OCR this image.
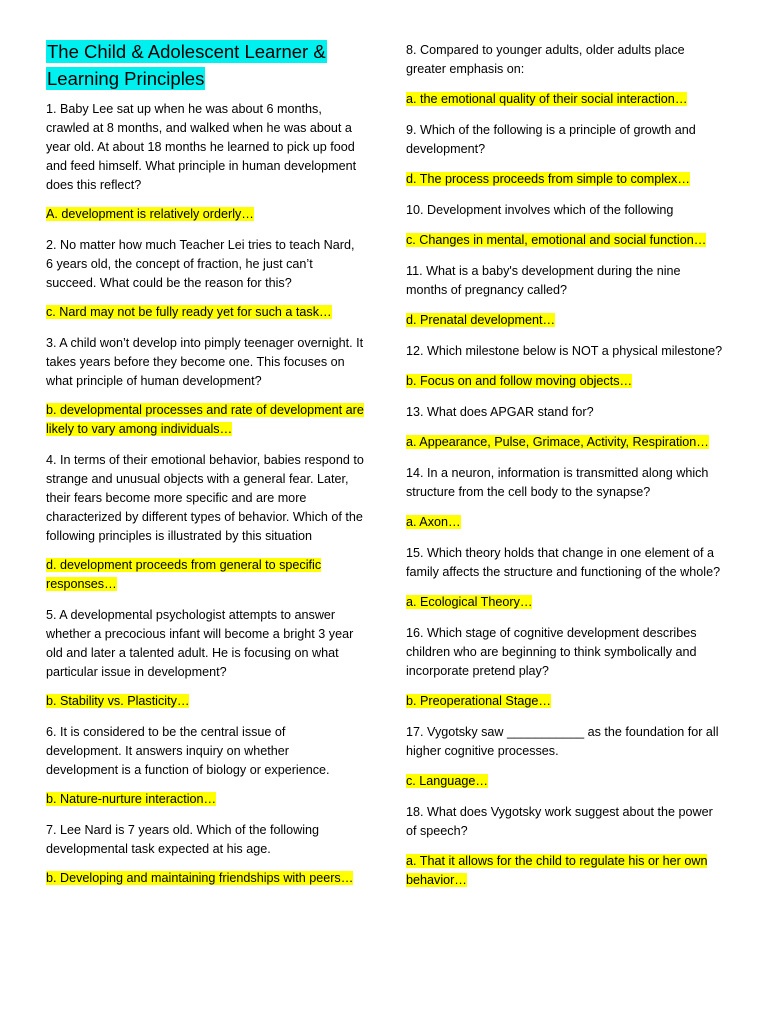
The Child & Adolescent Learner &
Learning Principles

1. Baby Lee sat up when he was about 6 months, crawled at 8 months, and walked when he was about a year old. At about 18 months he learned to pick up food and feed himself. What principle in human development does this reflect?

A. development is relatively orderly…

2. No matter how much Teacher Lei tries to teach Nard, 6 years old, the concept of fraction, he just can’t succeed. What could be the reason for this?

c. Nard may not be fully ready yet for such a task…

3. A child won’t develop into pimply teenager overnight. It takes years before they become one. This focuses on what principle of human development?

b. developmental processes and rate of development are likely to vary among individuals…

4. In terms of their emotional behavior, babies respond to strange and unusual objects with a general fear. Later, their fears become more specific and are more characterized by different types of behavior. Which of the following principles is illustrated by this situation

d. development proceeds from general to specific responses…

5. A developmental psychologist attempts to answer whether a precocious infant will become a bright 3 year old and later a talented adult. He is focusing on what particular issue in development?

b. Stability vs. Plasticity…

6. It is considered to be the central issue of development. It answers inquiry on whether development is a function of biology or experience.

b. Nature-nurture interaction…

7. Lee Nard is 7 years old. Which of the following developmental task expected at his age.

b. Developing and maintaining friendships with peers…

8. Compared to younger adults, older adults place greater emphasis on:

a. the emotional quality of their social interaction…

9. Which of the following is a principle of growth and development?

d. The process proceeds from simple to complex…

10. Development involves which of the following

c. Changes in mental, emotional and social function…

11. What is a baby's development during the nine months of pregnancy called?

d. Prenatal development…

12. Which milestone below is NOT a physical milestone?

b. Focus on and follow moving objects…

13. What does APGAR stand for?

a. Appearance, Pulse, Grimace, Activity, Respiration…

14. In a neuron, information is transmitted along which structure from the cell body to the synapse?

a. Axon…

15. Which theory holds that change in one element of a family affects the structure and functioning of the whole?

a. Ecological Theory…

16. Which stage of cognitive development describes children who are beginning to think symbolically and incorporate pretend play?

b. Preoperational Stage…

17. Vygotsky saw ___________ as the foundation for all higher cognitive processes.

c. Language…

18. What does Vygotsky work suggest about the power of speech?

a. That it allows for the child to regulate his or her own behavior…
